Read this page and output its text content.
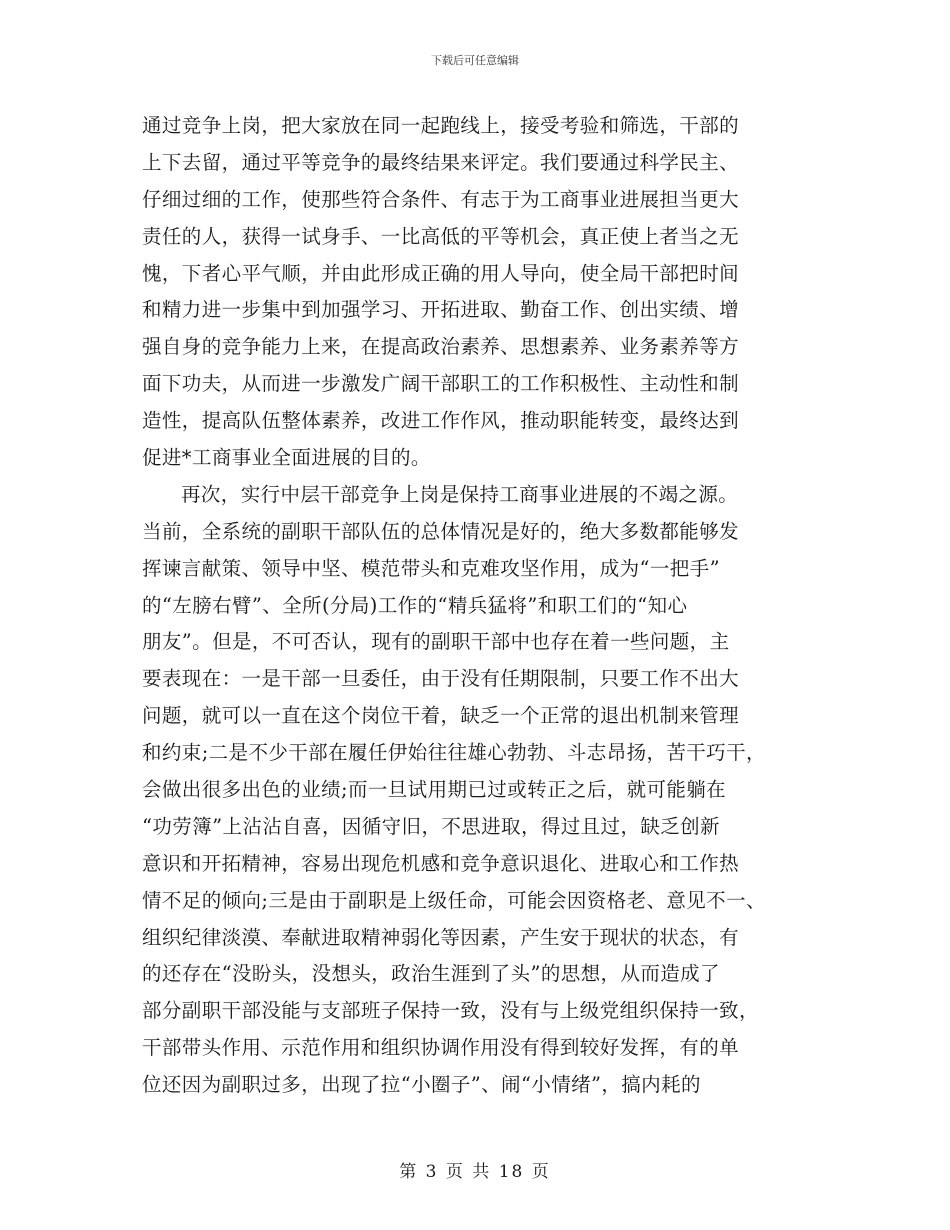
下载后可任意编辑
通过竞争上岗，把大家放在同一起跑线上，接受考验和筛选，干部的
上下去留，通过平等竞争的最终结果来评定。我们要通过科学民主、
仔细过细的工作，使那些符合条件、有志于为工商事业进展担当更大
责任的人，获得一试身手、一比高低的平等机会，真正使上者当之无
愧，下者心平气顺，并由此形成正确的用人导向，使全局干部把时间
和精力进一步集中到加强学习、开拓进取、勤奋工作、创出实绩、增
强自身的竞争能力上来，在提高政治素养、思想素养、业务素养等方
面下功夫，从而进一步激发广阔干部职工的工作积极性、主动性和制
造性，提高队伍整体素养，改进工作作风，推动职能转变，最终达到
促进*工商事业全面进展的目的。
再次，实行中层干部竞争上岗是保持工商事业进展的不竭之源。
当前，全系统的副职干部队伍的总体情况是好的，绝大多数都能够发
挥谏言献策、领导中坚、模范带头和克难攻坚作用，成为“一把手”
的“左膀右臂”、全所(分局)工作的“精兵猛将”和职工们的“知心
朋友”。但是，不可否认，现有的副职干部中也存在着一些问题，主
要表现在：一是干部一旦委任，由于没有任期限制，只要工作不出大
问题，就可以一直在这个岗位干着，缺乏一个正常的退出机制来管理
和约束;二是不少干部在履任伊始往往雄心勃勃、斗志昂扬，苦干巧干，
会做出很多出色的业绩;而一旦试用期已过或转正之后，就可能躺在
“功劳簿”上沾沾自喜，因循守旧，不思进取，得过且过，缺乏创新
意识和开拓精神，容易出现危机感和竞争意识退化、进取心和工作热
情不足的倾向;三是由于副职是上级任命，可能会因资格老、意见不一、
组织纪律淡漠、奉献进取精神弱化等因素，产生安于现状的状态，有
的还存在“没盼头，没想头，政治生涯到了头”的思想，从而造成了
部分副职干部没能与支部班子保持一致，没有与上级党组织保持一致，
干部带头作用、示范作用和组织协调作用没有得到较好发挥，有的单
位还因为副职过多，出现了拉“小圈子”、闹“小情绪”，搞内耗的
第 3 页 共 18 页
